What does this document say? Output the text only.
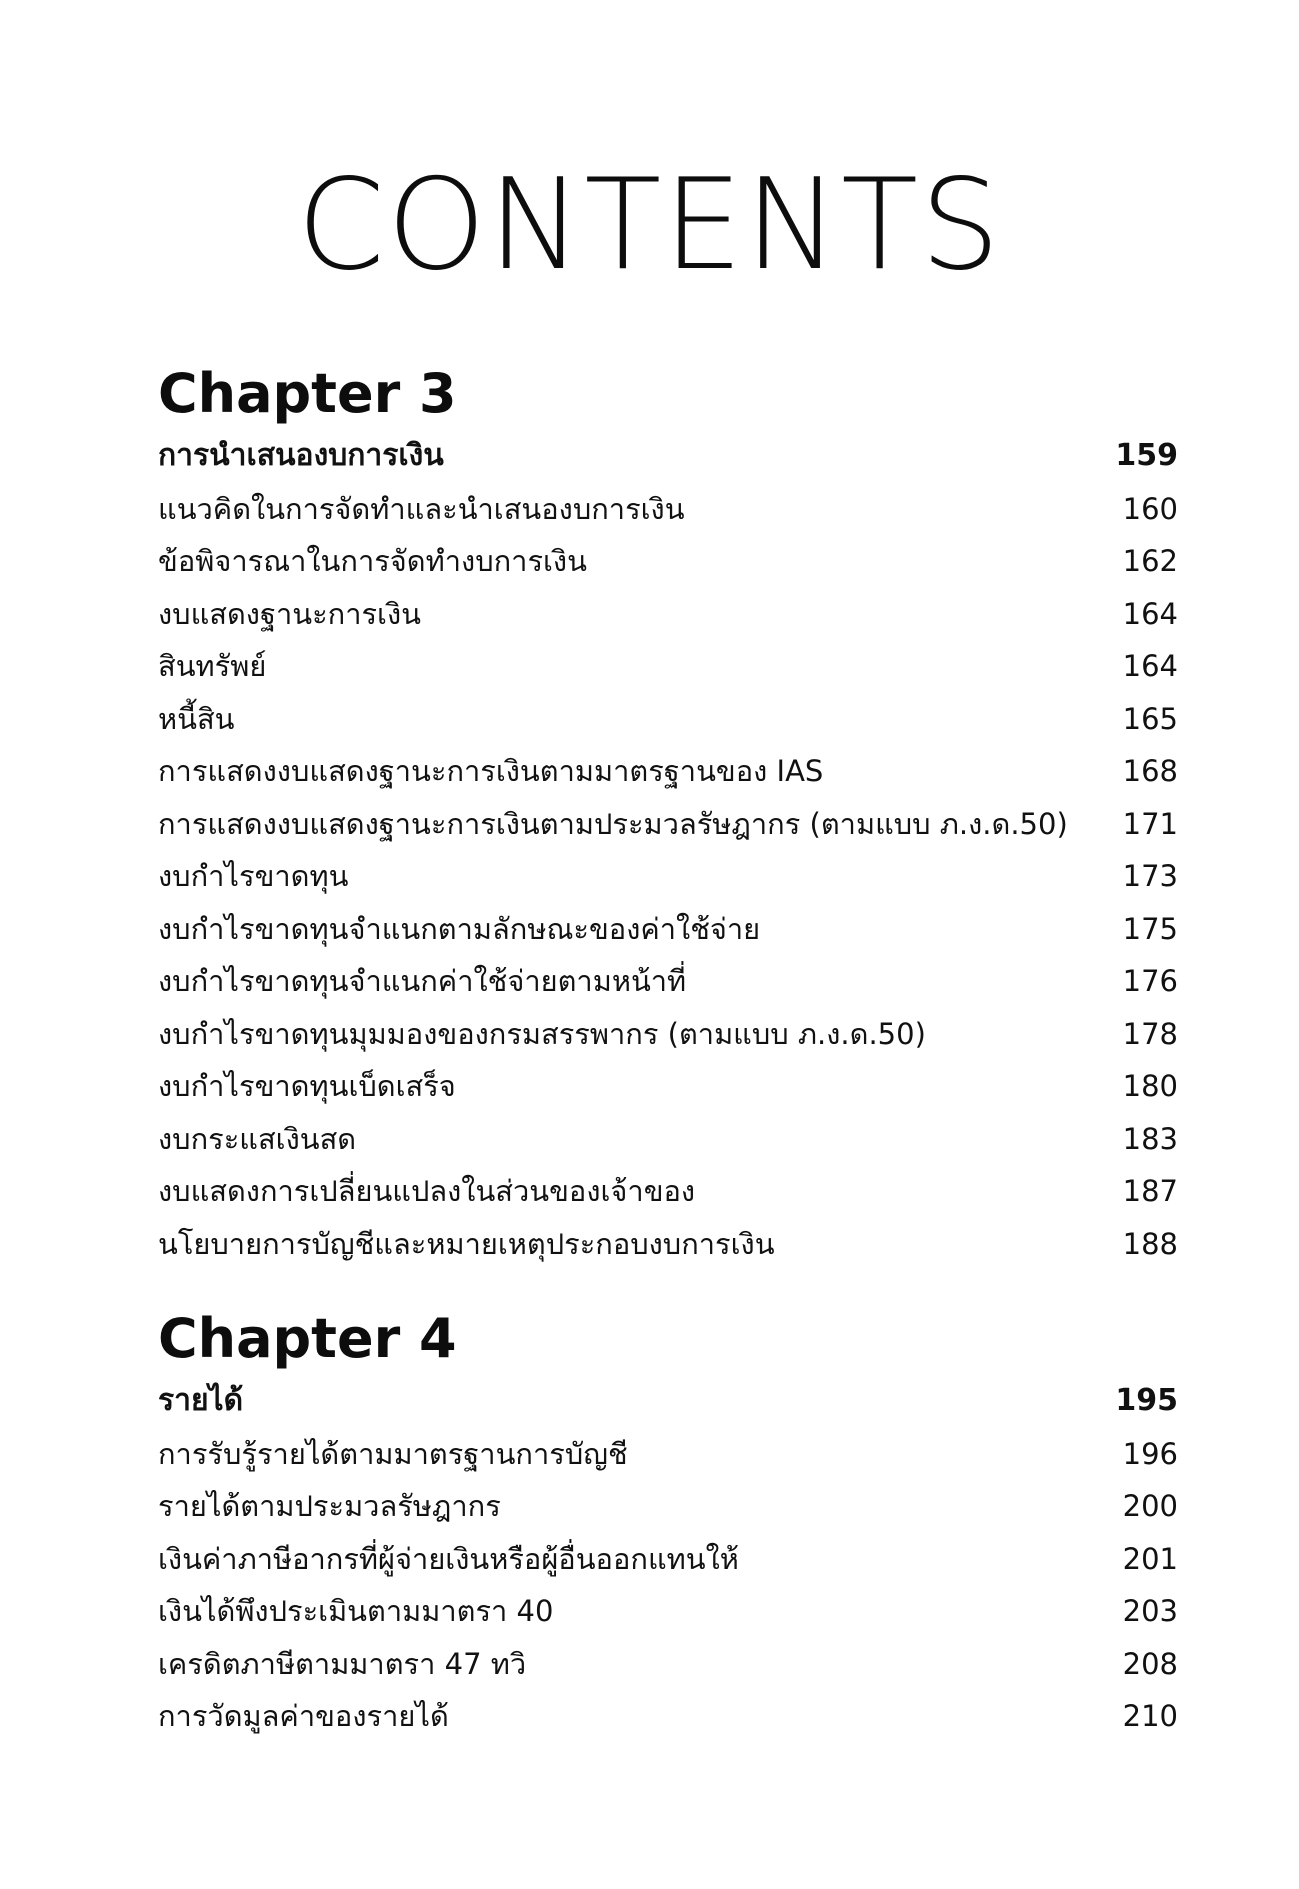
CONTENTS
Chapter 3
การนำเสนองบการเงิน	159
แนวคิดในการจัดทำและนำเสนองบการเงิน	160
ข้อพิจารณาในการจัดทำงบการเงิน	162
งบแสดงฐานะการเงิน	164
สินทรัพย์	164
หนี้สิน	165
การแสดงงบแสดงฐานะการเงินตามมาตรฐานของ IAS	168
การแสดงงบแสดงฐานะการเงินตามประมวลรัษฎากร (ตามแบบ ภ.ง.ด.50)	171
งบกำไรขาดทุน	173
งบกำไรขาดทุนจำแนกตามลักษณะของค่าใช้จ่าย	175
งบกำไรขาดทุนจำแนกค่าใช้จ่ายตามหน้าที่	176
งบกำไรขาดทุนมุมมองของกรมสรรพากร (ตามแบบ ภ.ง.ด.50)	178
งบกำไรขาดทุนเบ็ดเสร็จ	180
งบกระแสเงินสด	183
งบแสดงการเปลี่ยนแปลงในส่วนของเจ้าของ	187
นโยบายการบัญชีและหมายเหตุประกอบงบการเงิน	188
Chapter 4
รายได้	195
การรับรู้รายได้ตามมาตรฐานการบัญชี	196
รายได้ตามประมวลรัษฎากร	200
เงินค่าภาษีอากรที่ผู้จ่ายเงินหรือผู้อื่นออกแทนให้	201
เงินได้พึงประเมินตามมาตรา 40	203
เครดิตภาษีตามมาตรา 47 ทวิ	208
การวัดมูลค่าของรายได้	210
